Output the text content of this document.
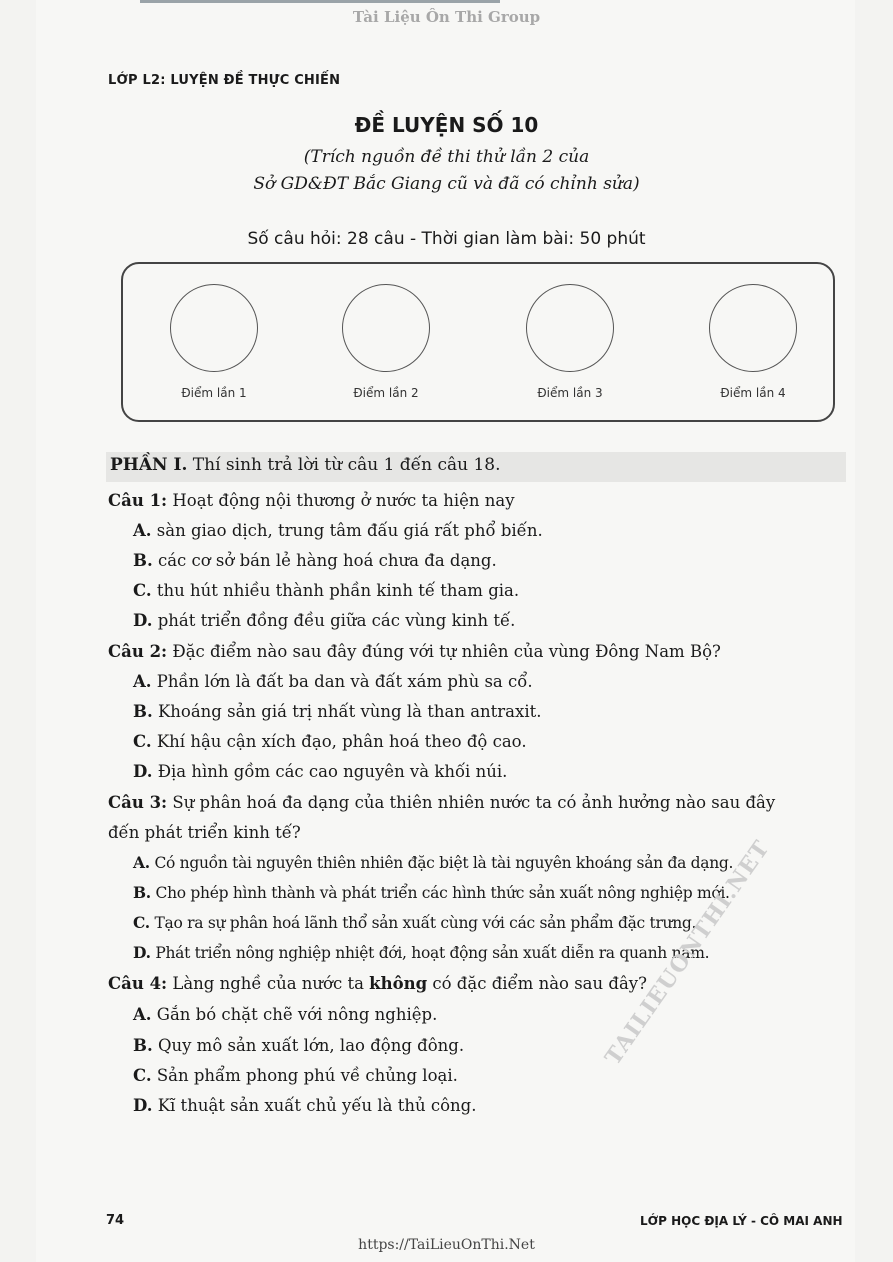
Tài Liệu Ôn Thi Group
LỚP L2: LUYỆN ĐỀ THỰC CHIẾN
ĐỀ LUYỆN SỐ 10
(Trích nguồn đề thi thử lần 2 của
Sở GD&ĐT Bắc Giang cũ và đã có chỉnh sửa)
Số câu hỏi: 28 câu - Thời gian làm bài: 50 phút
Điểm lần 1	Điểm lần 2	Điểm lần 3	Điểm lần 4
PHẦN I. Thí sinh trả lời từ câu 1 đến câu 18.
Câu 1: Hoạt động nội thương ở nước ta hiện nay
A. sàn giao dịch, trung tâm đấu giá rất phổ biến.
B. các cơ sở bán lẻ hàng hoá chưa đa dạng.
C. thu hút nhiều thành phần kinh tế tham gia.
D. phát triển đồng đều giữa các vùng kinh tế.
Câu 2: Đặc điểm nào sau đây đúng với tự nhiên của vùng Đông Nam Bộ?
A. Phần lớn là đất ba dan và đất xám phù sa cổ.
B. Khoáng sản giá trị nhất vùng là than antraxit.
C. Khí hậu cận xích đạo, phân hoá theo độ cao.
D. Địa hình gồm các cao nguyên và khối núi.
Câu 3: Sự phân hoá đa dạng của thiên nhiên nước ta có ảnh hưởng nào sau đây
đến phát triển kinh tế?
A. Có nguồn tài nguyên thiên nhiên đặc biệt là tài nguyên khoáng sản đa dạng.
B. Cho phép hình thành và phát triển các hình thức sản xuất nông nghiệp mới.
C. Tạo ra sự phân hoá lãnh thổ sản xuất cùng với các sản phẩm đặc trưng.
D. Phát triển nông nghiệp nhiệt đới, hoạt động sản xuất diễn ra quanh năm.
Câu 4: Làng nghề của nước ta không có đặc điểm nào sau đây?
A. Gắn bó chặt chẽ với nông nghiệp.
B. Quy mô sản xuất lớn, lao động đông.
C. Sản phẩm phong phú về chủng loại.
D. Kĩ thuật sản xuất chủ yếu là thủ công.
TAILIEUONTHI.NET
74	LỚP HỌC ĐỊA LÝ - CÔ MAI ANH
https://TaiLieuOnThi.Net
